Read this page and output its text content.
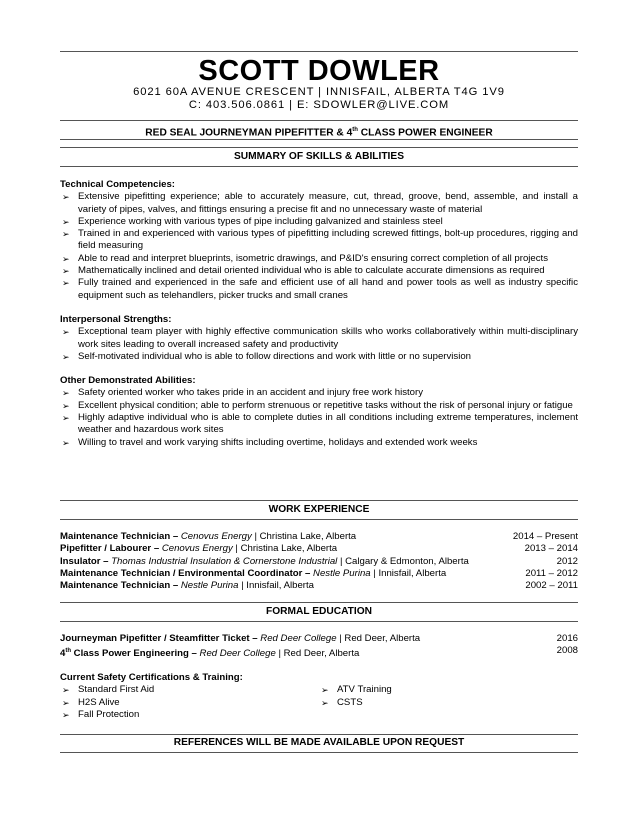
SCOTT DOWLER
6021 60A AVENUE CRESCENT | INNISFAIL, ALBERTA T4G 1V9
C: 403.506.0861 | E: SDOWLER@LIVE.COM
RED SEAL JOURNEYMAN PIPEFITTER & 4th CLASS POWER ENGINEER
SUMMARY OF SKILLS & ABILITIES
Technical Competencies:
➢ Extensive pipefitting experience; able to accurately measure, cut, thread, groove, bend, assemble, and install a variety of pipes, valves, and fittings ensuring a precise fit and no unnecessary waste of material
➢ Experience working with various types of pipe including galvanized and stainless steel
➢ Trained in and experienced with various types of pipefitting including screwed fittings, bolt-up procedures, rigging and field measuring
➢ Able to read and interpret blueprints, isometric drawings, and P&ID's ensuring correct completion of all projects
➢ Mathematically inclined and detail oriented individual who is able to calculate accurate dimensions as required
➢ Fully trained and experienced in the safe and efficient use of all hand and power tools as well as industry specific equipment such as telehandlers, picker trucks and small cranes
Interpersonal Strengths:
➢ Exceptional team player with highly effective communication skills who works collaboratively within multi-disciplinary work sites leading to overall increased safety and productivity
➢ Self-motivated individual who is able to follow directions and work with little or no supervision
Other Demonstrated Abilities:
➢ Safety oriented worker who takes pride in an accident and injury free work history
➢ Excellent physical condition; able to perform strenuous or repetitive tasks without the risk of personal injury or fatigue
➢ Highly adaptive individual who is able to complete duties in all conditions including extreme temperatures, inclement weather and hazardous work sites
➢ Willing to travel and work varying shifts including overtime, holidays and extended work weeks
WORK EXPERIENCE
Maintenance Technician – Cenovus Energy | Christina Lake, Alberta	2014 – Present
Pipefitter / Labourer – Cenovus Energy | Christina Lake, Alberta	2013 – 2014
Insulator – Thomas Industrial Insulation & Cornerstone Industrial | Calgary & Edmonton, Alberta	2012
Maintenance Technician / Environmental Coordinator – Nestle Purina | Innisfail, Alberta	2011 – 2012
Maintenance Technician – Nestle Purina | Innisfail, Alberta	2002 – 2011
FORMAL EDUCATION
Journeyman Pipefitter / Steamfitter Ticket – Red Deer College | Red Deer, Alberta	2016
4th Class Power Engineering – Red Deer College | Red Deer, Alberta	2008
Current Safety Certifications & Training:
➢ Standard First Aid
➢ H2S Alive
➢ Fall Protection
➢ ATV Training
➢ CSTS
REFERENCES WILL BE MADE AVAILABLE UPON REQUEST
